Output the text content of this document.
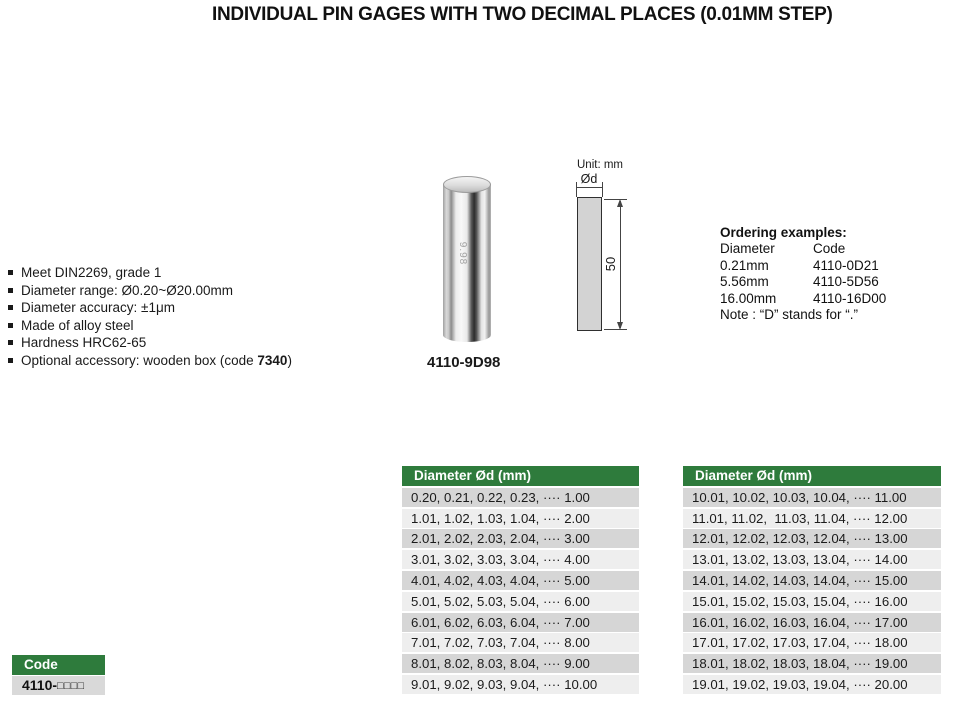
INDIVIDUAL PIN GAGES WITH TWO DECIMAL PLACES (0.01MM STEP)
Meet DIN2269, grade 1
Diameter range: Ø0.20~Ø20.00mm
Diameter accuracy: ±1μm
Made of alloy steel
Hardness HRC62-65
Optional accessory: wooden box (code 7340)
9.98
4110-9D98
Unit: mm
Ød
50
Ordering examples:
Diameter	Code
0.21mm	4110-0D21
5.56mm	4110-5D56
16.00mm	4110-16D00
Note : “D” stands for “.”
Diameter Ød (mm)
0.20, 0.21, 0.22, 0.23, ···· 1.00
1.01, 1.02, 1.03, 1.04, ···· 2.00
2.01, 2.02, 2.03, 2.04, ···· 3.00
3.01, 3.02, 3.03, 3.04, ···· 4.00
4.01, 4.02, 4.03, 4.04, ···· 5.00
5.01, 5.02, 5.03, 5.04, ···· 6.00
6.01, 6.02, 6.03, 6.04, ···· 7.00
7.01, 7.02, 7.03, 7.04, ···· 8.00
8.01, 8.02, 8.03, 8.04, ···· 9.00
9.01, 9.02, 9.03, 9.04, ···· 10.00
Diameter Ød (mm)
10.01, 10.02, 10.03, 10.04, ···· 11.00
11.01, 11.02,  11.03, 11.04, ···· 12.00
12.01, 12.02, 12.03, 12.04, ···· 13.00
13.01, 13.02, 13.03, 13.04, ···· 14.00
14.01, 14.02, 14.03, 14.04, ···· 15.00
15.01, 15.02, 15.03, 15.04, ···· 16.00
16.01, 16.02, 16.03, 16.04, ···· 17.00
17.01, 17.02, 17.03, 17.04, ···· 18.00
18.01, 18.02, 18.03, 18.04, ···· 19.00
19.01, 19.02, 19.03, 19.04, ···· 20.00
Code
4110-□□□□
